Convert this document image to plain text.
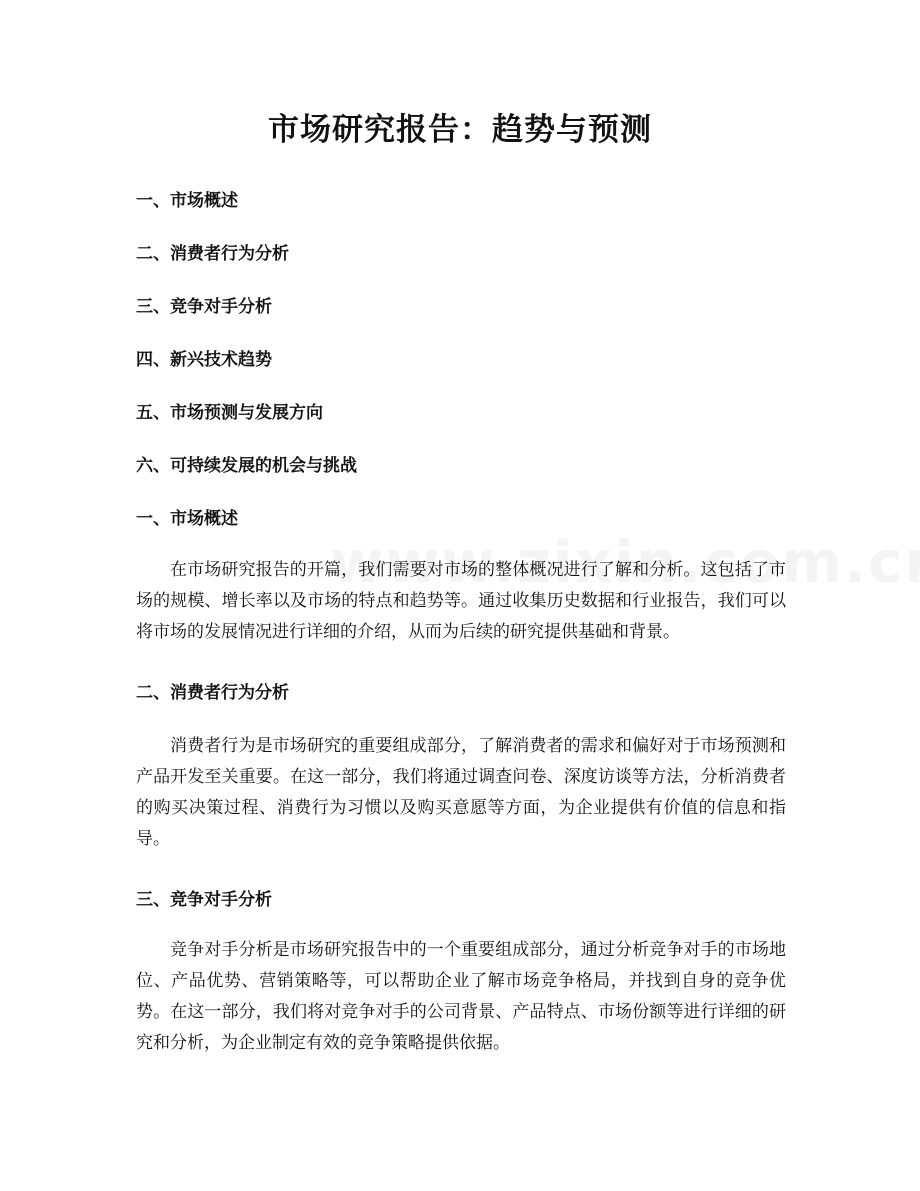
市场研究报告：趋势与预测
一、市场概述
二、消费者行为分析
三、竞争对手分析
四、新兴技术趋势
五、市场预测与发展方向
六、可持续发展的机会与挑战
一、市场概述

在市场研究报告的开篇，我们需要对市场的整体概况进行了解和分析。这包括了市场的规模、增长率以及市场的特点和趋势等。通过收集历史数据和行业报告，我们可以将市场的发展情况进行详细的介绍，从而为后续的研究提供基础和背景。

二、消费者行为分析

消费者行为是市场研究的重要组成部分，了解消费者的需求和偏好对于市场预测和产品开发至关重要。在这一部分，我们将通过调查问卷、深度访谈等方法，分析消费者的购买决策过程、消费行为习惯以及购买意愿等方面，为企业提供有价值的信息和指导。

三、竞争对手分析

竞争对手分析是市场研究报告中的一个重要组成部分，通过分析竞争对手的市场地位、产品优势、营销策略等，可以帮助企业了解市场竞争格局，并找到自身的竞争优势。在这一部分，我们将对竞争对手的公司背景、产品特点、市场份额等进行详细的研究和分析，为企业制定有效的竞争策略提供依据。
